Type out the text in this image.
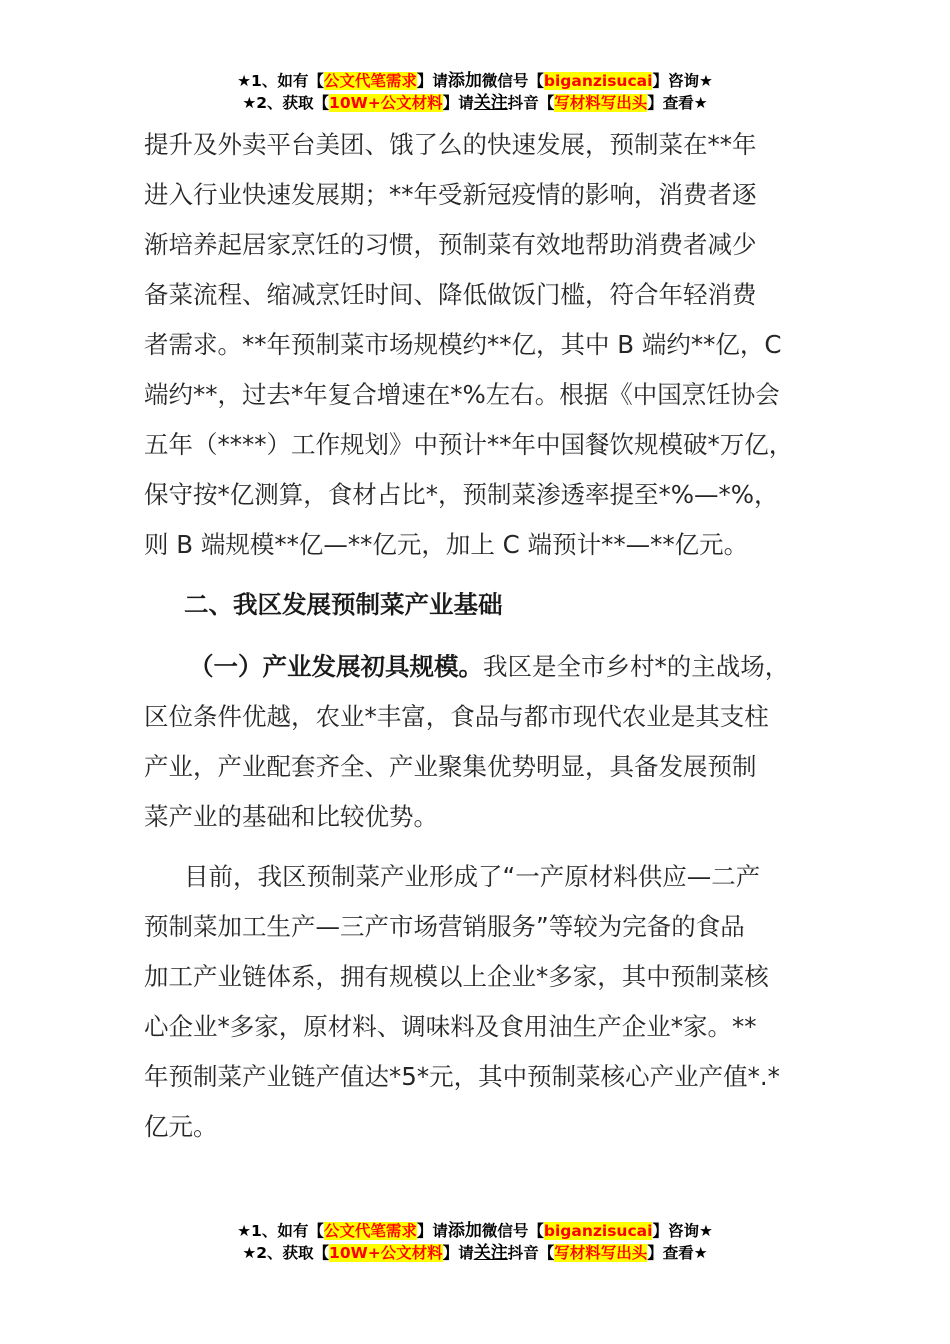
★1、如有【公文代笔需求】请添加微信号【biganzisucai】咨询★
★2、获取【10W+公文材料】请关注抖音【写材料写出头】查看★
提升及外卖平台美团、饿了么的快速发展，预制菜在**年
进入行业快速发展期；**年受新冠疫情的影响，消费者逐
渐培养起居家烹饪的习惯，预制菜有效地帮助消费者减少
备菜流程、缩减烹饪时间、降低做饭门槛，符合年轻消费
者需求。**年预制菜市场规模约**亿，其中 B 端约**亿，C
端约**，过去*年复合增速在*%左右。根据《中国烹饪协会
五年（****）工作规划》中预计**年中国餐饮规模破*万亿，
保守按*亿测算，食材占比*，预制菜渗透率提至*%—*%，
则 B 端规模**亿—**亿元，加上 C 端预计**—**亿元。
二、我区发展预制菜产业基础
（一）产业发展初具规模。我区是全市乡村*的主战场，
区位条件优越，农业*丰富，食品与都市现代农业是其支柱
产业，产业配套齐全、产业聚集优势明显，具备发展预制
菜产业的基础和比较优势。
目前，我区预制菜产业形成了“一产原材料供应—二产
预制菜加工生产—三产市场营销服务”等较为完备的食品
加工产业链体系，拥有规模以上企业*多家，其中预制菜核
心企业*多家，原材料、调味料及食用油生产企业*家。**
年预制菜产业链产值达*5*元，其中预制菜核心产业产值*.*
亿元。
★1、如有【公文代笔需求】请添加微信号【biganzisucai】咨询★
★2、获取【10W+公文材料】请关注抖音【写材料写出头】查看★
